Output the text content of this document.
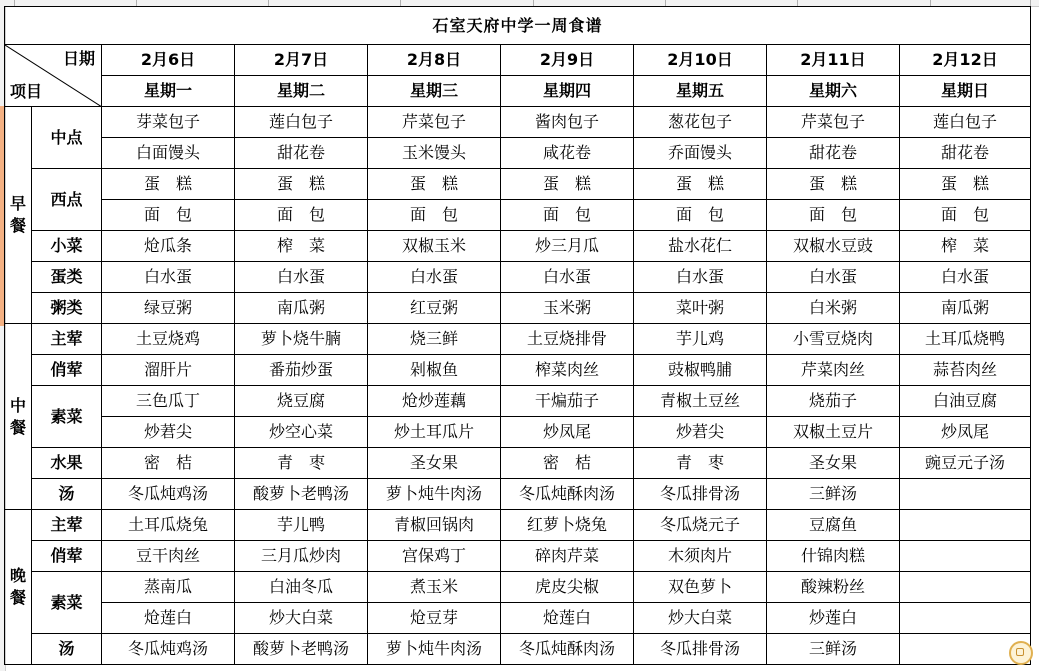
石室天府中学一周食谱								

日期
项目		2月6日	2月7日	2月8日	2月9日	2月10日	2月11日	2月12日
		星期一	星期二	星期三	星期四	星期五	星期六	星期日

早
餐	中点	芽菜包子	莲白包子	芹菜包子	酱肉包子	葱花包子	芹菜包子	莲白包子
		白面馒头	甜花卷	玉米馒头	咸花卷	乔面馒头	甜花卷	甜花卷
	西点	蛋　糕	蛋　糕	蛋　糕	蛋　糕	蛋　糕	蛋　糕	蛋　糕
		面　包	面　包	面　包	面　包	面　包	面　包	面　包
	小菜	炝瓜条	榨　菜	双椒玉米	炒三月瓜	盐水花仁	双椒水豆豉	榨　菜
	蛋类	白水蛋	白水蛋	白水蛋	白水蛋	白水蛋	白水蛋	白水蛋
	粥类	绿豆粥	南瓜粥	红豆粥	玉米粥	菜叶粥	白米粥	南瓜粥

中
餐	主荤	土豆烧鸡	萝卜烧牛腩	烧三鲜	土豆烧排骨	芋儿鸡	小雪豆烧肉	土耳瓜烧鸭
	俏荤	溜肝片	番茄炒蛋	剁椒鱼	榨菜肉丝	豉椒鸭脯	芹菜肉丝	蒜苔肉丝
	素菜	三色瓜丁	烧豆腐	炝炒莲藕	干煸茄子	青椒土豆丝	烧茄子	白油豆腐
		炒莙尖	炒空心菜	炒土耳瓜片	炒凤尾	炒莙尖	双椒土豆片	炒凤尾
	水果	密　桔	青　枣	圣女果	密　桔	青　枣	圣女果	豌豆元子汤
	汤	冬瓜炖鸡汤	酸萝卜老鸭汤	萝卜炖牛肉汤	冬瓜炖酥肉汤	冬瓜排骨汤	三鲜汤	

晚
餐	主荤	土耳瓜烧兔	芋儿鸭	青椒回锅肉	红萝卜烧兔	冬瓜烧元子	豆腐鱼	
	俏荤	豆干肉丝	三月瓜炒肉	宫保鸡丁	碎肉芹菜	木须肉片	什锦肉糕	
	素菜	蒸南瓜	白油冬瓜	煮玉米	虎皮尖椒	双色萝卜	酸辣粉丝	
		炝莲白	炒大白菜	炝豆芽	炝莲白	炒大白菜	炒莲白	
	汤	冬瓜炖鸡汤	酸萝卜老鸭汤	萝卜炖牛肉汤	冬瓜炖酥肉汤	冬瓜排骨汤	三鲜汤	
